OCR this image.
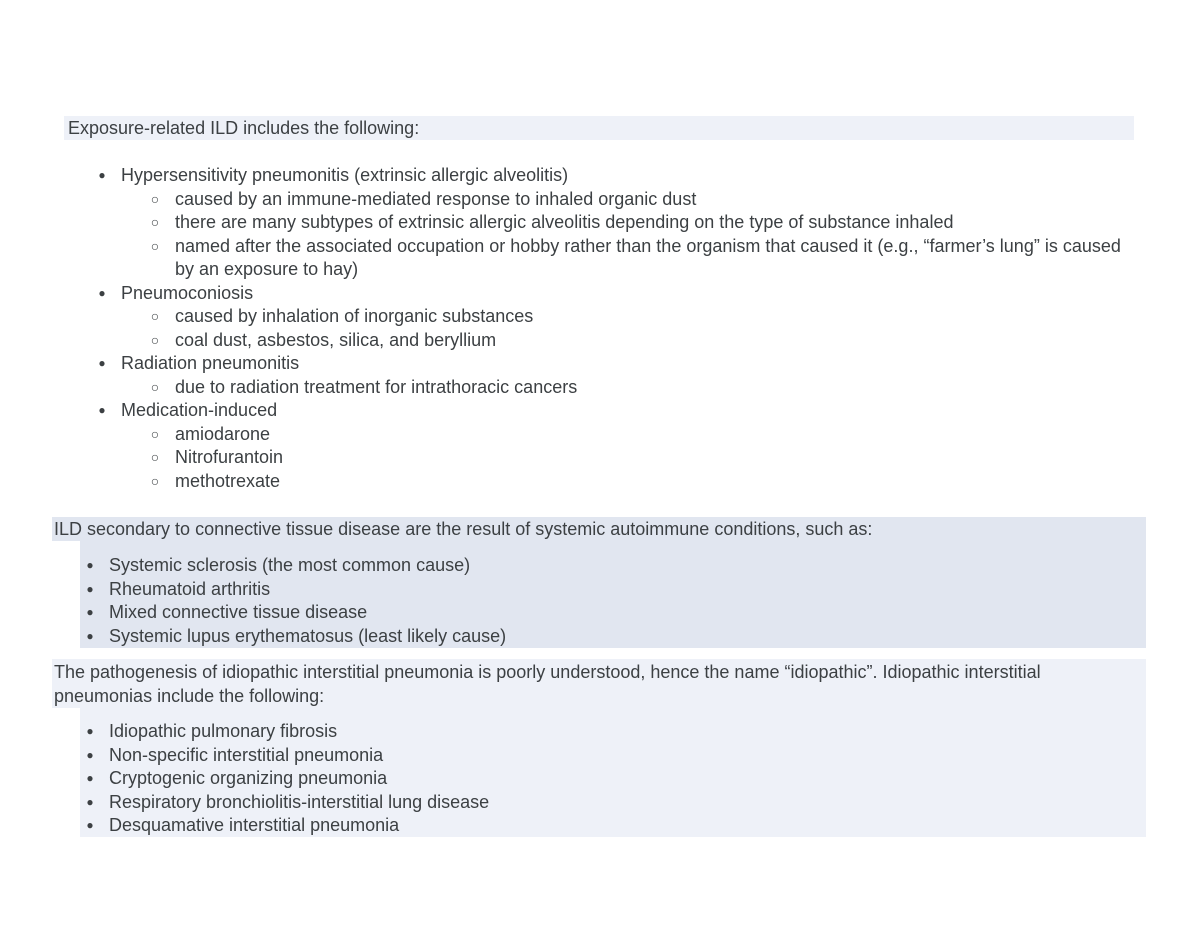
Exposure-related ILD includes the following:
● Hypersensitivity pneumonitis (extrinsic allergic alveolitis)
○ caused by an immune-mediated response to inhaled organic dust
○ there are many subtypes of extrinsic allergic alveolitis depending on the type of substance inhaled
○ named after the associated occupation or hobby rather than the organism that caused it (e.g., “farmer’s lung” is caused by an exposure to hay)
● Pneumoconiosis
○ caused by inhalation of inorganic substances
○ coal dust, asbestos, silica, and beryllium
● Radiation pneumonitis
○ due to radiation treatment for intrathoracic cancers
● Medication-induced
○ amiodarone
○ Nitrofurantoin
○ methotrexate
ILD secondary to connective tissue disease are the result of systemic autoimmune conditions, such as:
● Systemic sclerosis (the most common cause)
● Rheumatoid arthritis
● Mixed connective tissue disease
● Systemic lupus erythematosus (least likely cause)
The pathogenesis of idiopathic interstitial pneumonia is poorly understood, hence the name “idiopathic”. Idiopathic interstitial pneumonias include the following:
● Idiopathic pulmonary fibrosis
● Non-specific interstitial pneumonia
● Cryptogenic organizing pneumonia
● Respiratory bronchiolitis-interstitial lung disease
● Desquamative interstitial pneumonia
